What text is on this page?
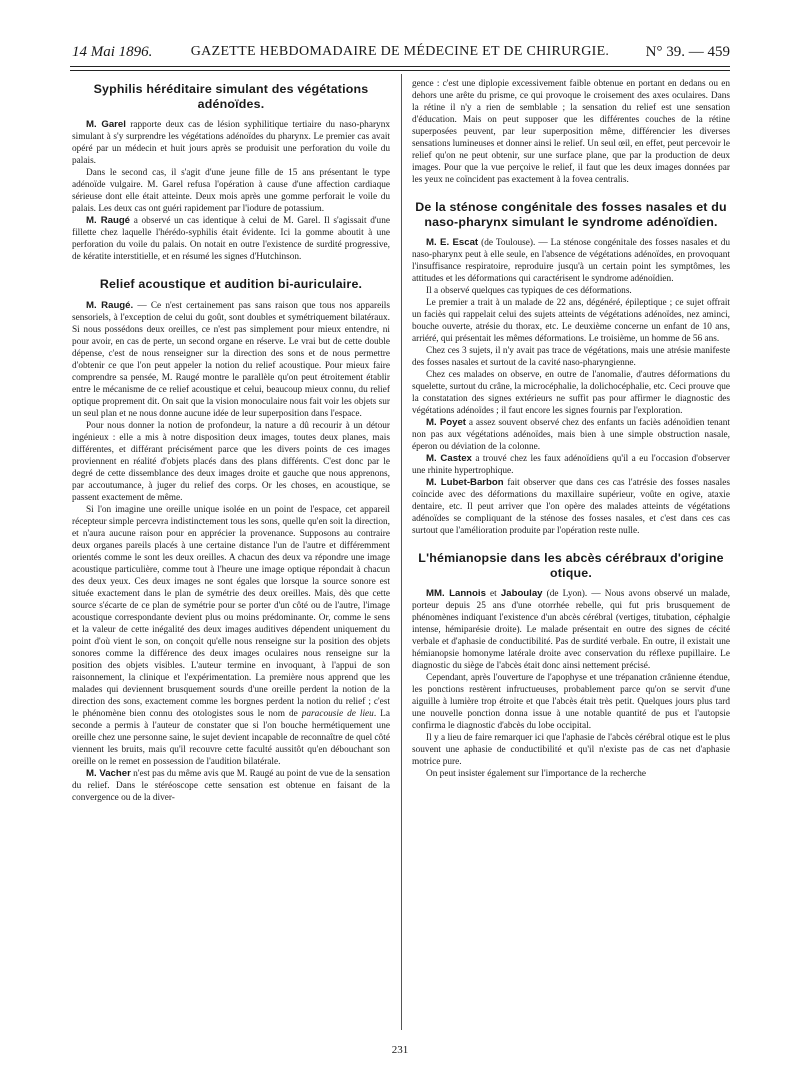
14 Mai 1896.	GAZETTE HEBDOMADAIRE DE MÉDECINE ET DE CHIRURGIE.	N° 39. — 459
Syphilis héréditaire simulant des végétations adénoïdes.

M. Garel rapporte deux cas de lésion syphilitique tertiaire du naso-pharynx simulant à s'y surprendre les végétations adénoïdes du pharynx. Le premier cas avait opéré par un médecin et huit jours après se produisit une perforation du voile du palais.

Dans le second cas, il s'agit d'une jeune fille de 15 ans présentant le type adénoïde vulgaire. M. Garel refusa l'opération à cause d'une affection cardiaque sérieuse dont elle était atteinte. Deux mois après une gomme perforait le voile du palais. Les deux cas ont guéri rapidement par l'iodure de potassium.

M. Raugé a observé un cas identique à celui de M. Garel. Il s'agissait d'une fillette chez laquelle l'hérédo-syphilis était évidente. Ici la gomme aboutit à une perforation du voile du palais. On notait en outre l'existence de surdité progressive, de kératite interstitielle, et en résumé les signes d'Hutchinson.

Relief acoustique et audition bi-auriculaire.

M. Raugé. — Ce n'est certainement pas sans raison que tous nos appareils sensoriels, à l'exception de celui du goût, sont doubles et symétriquement bilatéraux. Si nous possédons deux oreilles, ce n'est pas simplement pour mieux entendre, ni pour avoir, en cas de perte, un second organe en réserve. Le vrai but de cette double dépense, c'est de nous renseigner sur la direction des sons et de nous permettre d'obtenir ce que l'on peut appeler la notion du relief acoustique. Pour mieux faire comprendre sa pensée, M. Raugé montre le parallèle qu'on peut étroitement établir entre le mécanisme de ce relief acoustique et celui, beaucoup mieux connu, du relief optique proprement dit. On sait que la vision monoculaire nous fait voir les objets sur un seul plan et ne nous donne aucune idée de leur superposition dans l'espace.

Pour nous donner la notion de profondeur, la nature a dû recourir à un détour ingénieux : elle a mis à notre disposition deux images, toutes deux planes, mais différentes, et différant précisément parce que les divers points de ces images proviennent en réalité d'objets placés dans des plans différents. C'est donc par le degré de cette dissemblance des deux images droite et gauche que nous apprenons, par accoutumance, à juger du relief des corps. Or les choses, en acoustique, se passent exactement de même.

Si l'on imagine une oreille unique isolée en un point de l'espace, cet appareil récepteur simple percevra indistinctement tous les sons, quelle qu'en soit la direction, et n'aura aucune raison pour en apprécier la provenance. Supposons au contraire deux organes pareils placés à une certaine distance l'un de l'autre et différemment orientés comme le sont les deux oreilles. A chacun des deux va répondre une image acoustique particulière, comme tout à l'heure une image optique répondait à chacun des deux yeux. Ces deux images ne sont égales que lorsque la source sonore est située exactement dans le plan de symétrie des deux oreilles. Mais, dès que cette source s'écarte de ce plan de symétrie pour se porter d'un côté ou de l'autre, l'image acoustique correspondante devient plus ou moins prédominante. Or, comme le sens et la valeur de cette inégalité des deux images auditives dépendent uniquement du point d'où vient le son, on conçoit qu'elle nous renseigne sur la position des objets sonores comme la différence des deux images oculaires nous renseigne sur la position des objets visibles. L'auteur termine en invoquant, à l'appui de son raisonnement, la clinique et l'expérimentation. La première nous apprend que les malades qui deviennent brusquement sourds d'une oreille perdent la notion de la direction des sons, exactement comme les borgnes perdent la notion du relief ; c'est le phénomène bien connu des otologistes sous le nom de paracousie de lieu. La seconde a permis à l'auteur de constater que si l'on bouche hermétiquement une oreille chez une personne saine, le sujet devient incapable de reconnaître de quel côté viennent les bruits, mais qu'il recouvre cette faculté aussitôt qu'en débouchant son oreille on le remet en possession de l'audition bilatérale.

M. Vacher n'est pas du même avis que M. Raugé au point de vue de la sensation du relief. Dans le stéréoscope cette sensation est obtenue en faisant de la convergence ou de la diver-

gence : c'est une diplopie excessivement faible obtenue en portant en dedans ou en dehors une arête du prisme, ce qui provoque le croisement des axes oculaires. Dans la rétine il n'y a rien de semblable ; la sensation du relief est une sensation d'éducation. Mais on peut supposer que les différentes couches de la rétine superposées peuvent, par leur superposition même, différencier les diverses sensations lumineuses et donner ainsi le relief. Un seul œil, en effet, peut percevoir le relief qu'on ne peut obtenir, sur une surface plane, que par la production de deux images. Pour que la vue perçoive le relief, il faut que les deux images données par les yeux ne coïncident pas exactement à la fovea centralis.

De la sténose congénitale des fosses nasales et du naso-pharynx simulant le syndrome adénoïdien.

M. E. Escat (de Toulouse). — La sténose congénitale des fosses nasales et du naso-pharynx peut à elle seule, en l'absence de végétations adénoïdes, en provoquant l'insuffisance respiratoire, reproduire jusqu'à un certain point les symptômes, les attitudes et les déformations qui caractérisent le syndrome adénoïdien.

Il a observé quelques cas typiques de ces déformations.

Le premier a trait à un malade de 22 ans, dégénéré, épileptique ; ce sujet offrait un faciès qui rappelait celui des sujets atteints de végétations adénoïdes, nez aminci, bouche ouverte, atrésie du thorax, etc. Le deuxième concerne un enfant de 10 ans, arriéré, qui présentait les mêmes déformations. Le troisième, un homme de 56 ans.

Chez ces 3 sujets, il n'y avait pas trace de végétations, mais une atrésie manifeste des fosses nasales et surtout de la cavité naso-pharyngienne.

Chez ces malades on observe, en outre de l'anomalie, d'autres déformations du squelette, surtout du crâne, la microcéphalie, la dolichocéphalie, etc. Ceci prouve que la constatation des signes extérieurs ne suffit pas pour affirmer le diagnostic des végétations adénoïdes ; il faut encore les signes fournis par l'exploration.

M. Poyet a assez souvent observé chez des enfants un faciès adénoïdien tenant non pas aux végétations adénoïdes, mais bien à une simple obstruction nasale, éperon ou déviation de la colonne.

M. Castex a trouvé chez les faux adénoïdiens qu'il a eu l'occasion d'observer une rhinite hypertrophique.

M. Lubet-Barbon fait observer que dans ces cas l'atrésie des fosses nasales coïncide avec des déformations du maxillaire supérieur, voûte en ogive, ataxie dentaire, etc. Il peut arriver que l'on opère des malades atteints de végétations adénoïdes se compliquant de la sténose des fosses nasales, et c'est dans ces cas surtout que l'amélioration produite par l'opération reste nulle.

L'hémianopsie dans les abcès cérébraux d'origine otique.

MM. Lannois et Jaboulay (de Lyon). — Nous avons observé un malade, porteur depuis 25 ans d'une otorrhée rebelle, qui fut pris brusquement de phénomènes indiquant l'existence d'un abcès cérébral (vertiges, titubation, céphalgie intense, hémiparésie droite). Le malade présentait en outre des signes de cécité verbale et d'aphasie de conductibilité. Pas de surdité verbale. En outre, il existait une hémianopsie homonyme latérale droite avec conservation du réflexe pupillaire. Le diagnostic du siège de l'abcès était donc ainsi nettement précisé.

Cependant, après l'ouverture de l'apophyse et une trépanation crânienne étendue, les ponctions restèrent infructueuses, probablement parce qu'on se servit d'une aiguille à lumière trop étroite et que l'abcès était très petit. Quelques jours plus tard une nouvelle ponction donna issue à une notable quantité de pus et l'autopsie confirma le diagnostic d'abcès du lobe occipital.

Il y a lieu de faire remarquer ici que l'aphasie de l'abcès cérébral otique est le plus souvent une aphasie de conductibilité et qu'il n'existe pas de cas net d'aphasie motrice pure.

On peut insister également sur l'importance de la recherche

231
